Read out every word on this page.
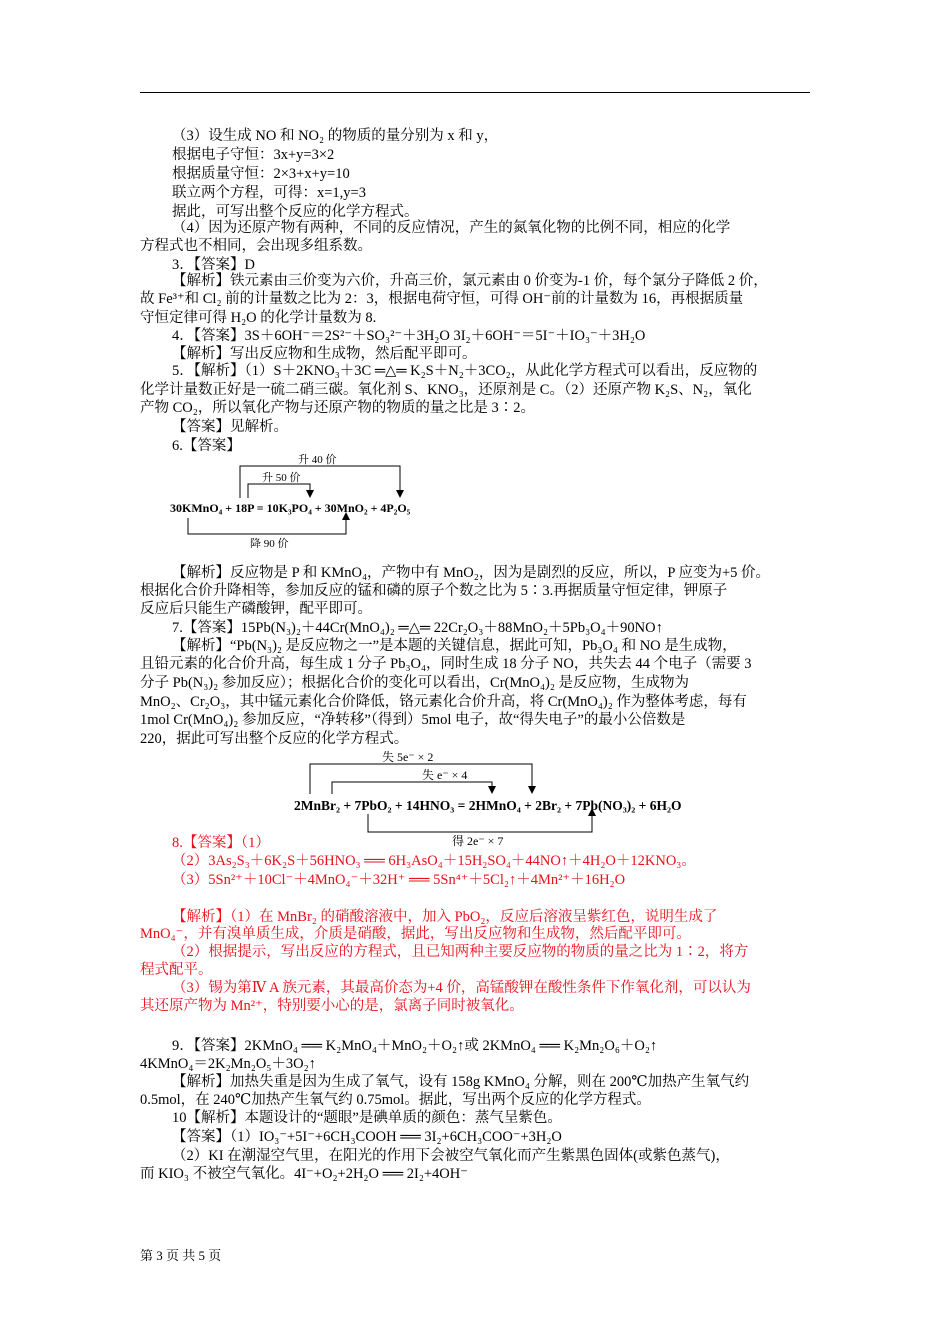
（3）设生成 NO 和 NO₂ 的物质的量分别为 x 和 y，
根据电子守恒：3x+y=3×2
根据质量守恒：2×3+x+y=10
联立两个方程，可得：x=1,y=3
据此，可写出整个反应的化学方程式。
（4）因为还原产物有两种，不同的反应情况，产生的氮氧化物的比例不同，相应的化学
方程式也不相同，会出现多组系数。
3．【答案】D
【解析】铁元素由三价变为六价，升高三价，氯元素由 0 价变为-1 价，每个氯分子降低 2 价，
故 Fe³⁺和 Cl₂ 前的计量数之比为 2：3，根据电荷守恒，可得 OH⁻前的计量数为 16，再根据质量
守恒定律可得 H₂O 的化学计量数为 8.
4．【答案】3S＋6OH⁻＝2S²⁻＋SO₃²⁻＋3H₂O 3I₂＋6OH⁻＝5I⁻＋IO₃⁻＋3H₂O
【解析】写出反应物和生成物，然后配平即可。
5．【解析】（1）S＋2KNO₃＋3C ═△═ K₂S＋N₂＋3CO₂，从此化学方程式可以看出，反应物的
化学计量数正好是一硫二硝三碳。氧化剂 S、KNO₃，还原剂是 C。（2）还原产物 K₂S、N₂，氧化
产物 CO₂，所以氧化产物与还原产物的物质的量之比是 3∶2。
【答案】见解析。
6.【答案】
【解析】反应物是 P 和 KMnO₄，产物中有 MnO₂，因为是剧烈的反应，所以，P 应变为+5 价。
根据化合价升降相等，参加反应的锰和磷的原子个数之比为 5∶3.再据质量守恒定律，钾原子
反应后只能生产磷酸钾，配平即可。
7.【答案】15Pb(N₃)₂＋44Cr(MnO₄)₂ ═△═ 22Cr₂O₃＋88MnO₂＋5Pb₃O₄＋90NO↑
【解析】“Pb(N₃)₂ 是反应物之一”是本题的关键信息，据此可知，Pb₃O₄ 和 NO 是生成物，
且铅元素的化合价升高，每生成 1 分子 Pb₃O₄，同时生成 18 分子 NO，共失去 44 个电子（需要 3
分子 Pb(N₃)₂ 参加反应）；根据化合价的变化可以看出，Cr(MnO₄)₂ 是反应物，生成物为
MnO₂、Cr₂O₃，其中锰元素化合价降低，铬元素化合价升高，将 Cr(MnO₄)₂ 作为整体考虑，每有
1mol Cr(MnO₄)₂ 参加反应，“净转移”（得到）5mol 电子，故“得失电子”的最小公倍数是
220，据此可写出整个反应的化学方程式。
8.【答案】（1）
（2）3As₂S₃＋6K₂S＋56HNO₃ ══ 6H₃AsO₄＋15H₂SO₄＋44NO↑＋4H₂O＋12KNO₃。
（3）5Sn²⁺＋10Cl⁻＋4MnO₄⁻＋32H⁺ ══ 5Sn⁴⁺＋5Cl₂↑＋4Mn²⁺＋16H₂O
【解析】（1）在 MnBr₂ 的硝酸溶液中，加入 PbO₂，反应后溶液呈紫红色，说明生成了
MnO₄⁻，并有溴单质生成，介质是硝酸，据此，写出反应物和生成物，然后配平即可。
（2）根据提示，写出反应的方程式，且已知两种主要反应物的物质的量之比为 1∶2，将方
程式配平。
（3）锡为第Ⅳ A 族元素，其最高价态为+4 价，高锰酸钾在酸性条件下作氧化剂，可以认为
其还原产物为 Mn²⁺，特别要小心的是，氯离子同时被氧化。
9．【答案】2KMnO₄ ══ K₂MnO₄＋MnO₂＋O₂↑或 2KMnO₄ ══ K₂Mn₂O₆＋O₂↑
4KMnO₄＝2K₂Mn₂O₅＋3O₂↑
【解析】加热失重是因为生成了氧气，设有 158g KMnO₄ 分解，则在 200℃加热产生氧气约
0.5mol，在 240℃加热产生氧气约 0.75mol。据此，写出两个反应的化学方程式。
10【解析】本题设计的“题眼”是碘单质的颜色：蒸气呈紫色。
【答案】（1）IO₃⁻+5I⁻+6CH₃COOH ══ 3I₂+6CH₃COO⁻+3H₂O
（2）KI 在潮湿空气里，在阳光的作用下会被空气氧化而产生紫黑色固体(或紫色蒸气)，
而 KIO₃ 不被空气氧化。4I⁻+O₂+2H₂O ══ 2I₂+4OH⁻
升 40 价
升 50 价
30KMnO₄ + 18P = 10K₃PO₄ + 30MnO₂ + 4P₂O₅
降 90 价
失 5e⁻ × 2
失 e⁻ × 4
2MnBr₂ + 7PbO₂ + 14HNO₃ = 2HMnO₄ + 2Br₂ + 7Pb(NO₃)₂ + 6H₂O
得 2e⁻ × 7
第 3 页 共 5 页
